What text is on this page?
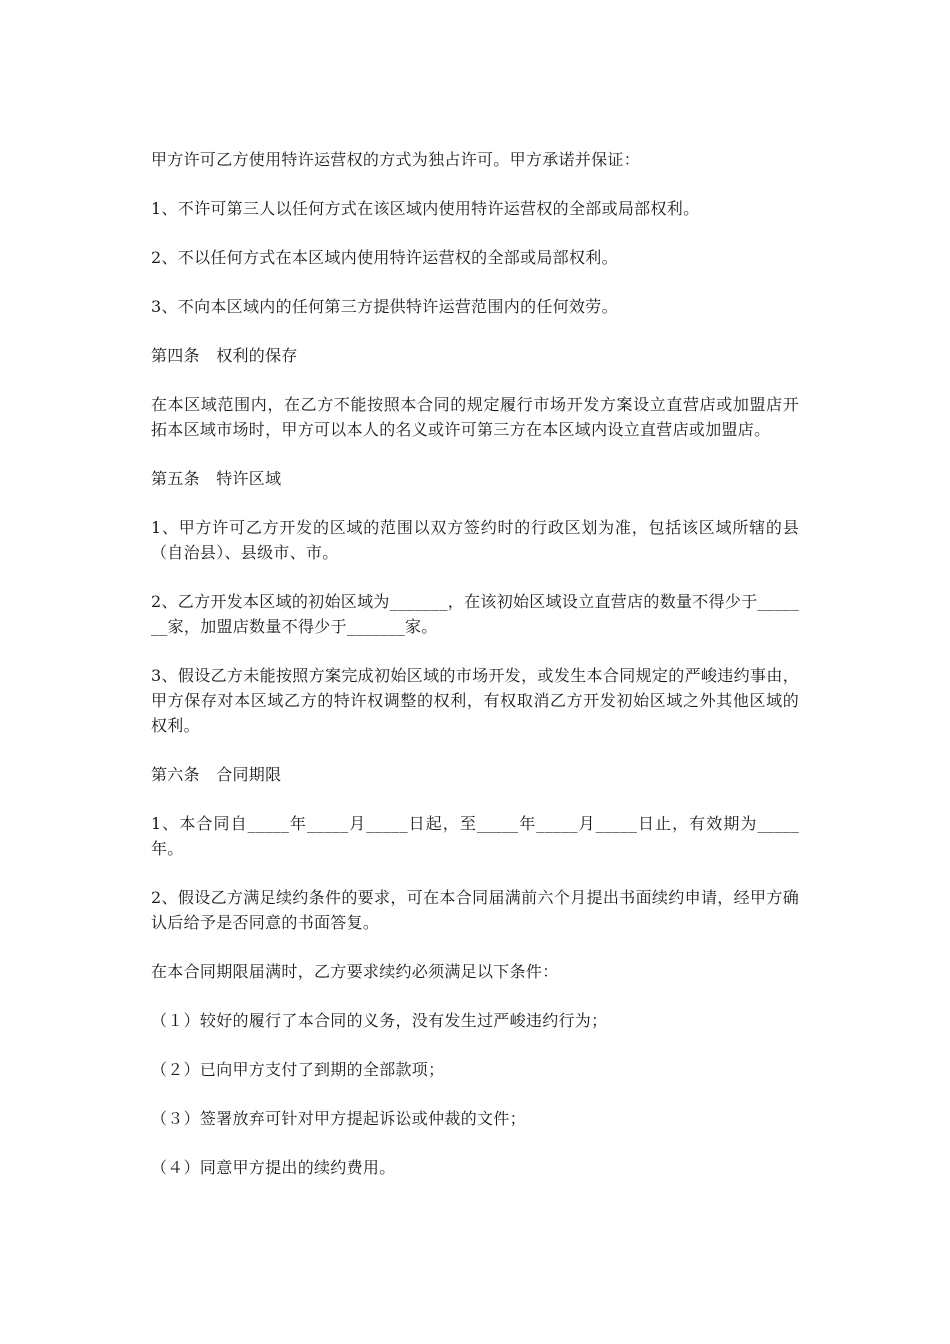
甲方许可乙方使用特许运营权的方式为独占许可。甲方承诺并保证：

1、不许可第三人以任何方式在该区域内使用特许运营权的全部或局部权利。

2、不以任何方式在本区域内使用特许运营权的全部或局部权利。

3、不向本区域内的任何第三方提供特许运营范围内的任何效劳。

第四条　权利的保存

在本区域范围内，在乙方不能按照本合同的规定履行市场开发方案设立直营店或加盟店开拓本区域市场时，甲方可以本人的名义或许可第三方在本区域内设立直营店或加盟店。

第五条　特许区域

1、甲方许可乙方开发的区域的范围以双方签约时的行政区划为准，包括该区域所辖的县（自治县）、县级市、市。

2、乙方开发本区域的初始区域为_______，在该初始区域设立直营店的数量不得少于_______家，加盟店数量不得少于_______家。

3、假设乙方未能按照方案完成初始区域的市场开发，或发生本合同规定的严峻违约事由，甲方保存对本区域乙方的特许权调整的权利，有权取消乙方开发初始区域之外其他区域的权利。

第六条　合同期限

1、本合同自_____年_____月_____日起，至_____年_____月_____日止，有效期为_____年。

2、假设乙方满足续约条件的要求，可在本合同届满前六个月提出书面续约申请，经甲方确认后给予是否同意的书面答复。

在本合同期限届满时，乙方要求续约必须满足以下条件：

（１）较好的履行了本合同的义务，没有发生过严峻违约行为；

（２）已向甲方支付了到期的全部款项；

（３）签署放弃可针对甲方提起诉讼或仲裁的文件；

（４）同意甲方提出的续约费用。
